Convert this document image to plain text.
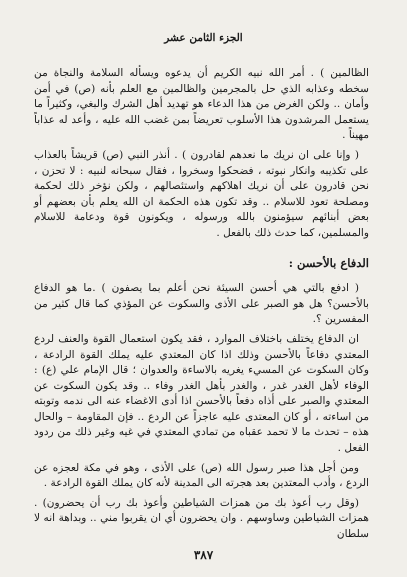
الجزء الثامن عشر

الظالمين ) . أمر الله نبيه الكريم أن يدعوه ويسأله السلامة والنجاة من سخطه وعذابه الذي حل بالمجرمين والظالمين مع العلم بأنه (ص) في أمن وأمان .. ولكن الغرض من هذا الدعاء هو تهديد أهل الشرك والبغي، وكثيراً ما يستعمل المرشدون هذا الأسلوب تعريضاً بمن غضب الله عليه ، وأعد له عذاباً مهيناً .

( وإنا على ان نريك ما نعدهم لقادرون ) . أنذر النبي (ص) قريشاً بالعذاب على تكذيبه وانكار نبوته ، فضحكوا وسخروا ، فقال سبحانه لنبيه : لا تحزن ، نحن قادرون على أن نريك اهلاكهم واستئصالهم ، ولكن نؤخر ذلك لحكمة ومصلحة تعود للاسلام .. وقد تكون هذه الحكمة ان الله يعلم بأن بعضهم أو بعض أبنائهم سيؤمنون بالله ورسوله ، ويكونون قوة ودعامة للاسلام والمسلمين، كما حدث ذلك بالفعل .

الدفاع بالأحسن :

( ادفع بالتي هي أحسن السيئة نحن أعلم بما يصفون ) .ما هو الدفاع بالأحسن؟ هل هو الصبر على الأذى والسكوت عن المؤذي كما قال كثير من المفسرين ؟.

ان الدفاع يختلف باختلاف الموارد ، فقد يكون استعمال القوة والعنف لردع المعتدي دفاعاً بالأحسن وذلك اذا كان المعتدي عليه يملك القوة الرادعة ، وكان السكوت عن المسيء يغريه بالاساءة والعدوان ؛ قال الإمام علي (ع) : الوفاء لأهل الغدر غدر ، والغدر بأهل الغدر وفاء .. وقد يكون السكوت عن المعتدي والصبر على أذاه دفعاً بالأحسن اذا أدى الاغضاء عنه الى ندمه وتوبته من اساءته ، أو كان المعتدى عليه عاجزاً عن الردع .. فإن المقاومة – والحال هذه – تحدث ما لا تحمد عقباه من تمادي المعتدي في غيه وغير ذلك من ردود الفعل .

ومن أجل هذا صبر رسول الله (ص) على الأذى ، وهو في مكة لعجزه عن الردع ، وأدب المعتدين بعد هجرته الى المدينة لأنه كان يملك القوة الرادعة .

(وقل رب أعوذ بك من همزات الشياطين وأعوذ بك رب أن يحضرون) . همزات الشياطين وساوسهم . وان يحضرون أي ان يقربوا مني .. وبداهة انه لا سلطان

٣٨٧
